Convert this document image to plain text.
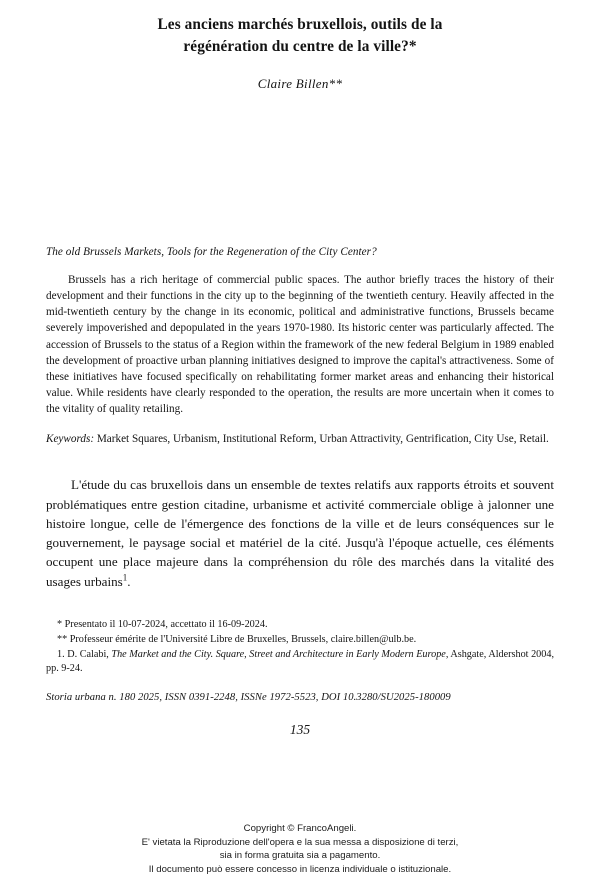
Les anciens marchés bruxellois, outils de la
régénération du centre de la ville?*
Claire Billen**
The old Brussels Markets, Tools for the Regeneration of the City Center?

Brussels has a rich heritage of commercial public spaces. The author briefly traces the history of their development and their functions in the city up to the beginning of the twentieth century. Heavily affected in the mid-twentieth century by the change in its economic, political and administrative functions, Brussels became severely impoverished and depopulated in the years 1970-1980. Its historic center was particularly affected. The accession of Brussels to the status of a Region within the framework of the new federal Belgium in 1989 enabled the development of proactive urban planning initiatives designed to improve the capital's attractiveness. Some of these initiatives have focused specifically on rehabilitating former market areas and enhancing their historical value. While residents have clearly responded to the operation, the results are more uncertain when it comes to the vitality of quality retailing.

Keywords: Market Squares, Urbanism, Institutional Reform, Urban Attractivity, Gentrification, City Use, Retail.

L'étude du cas bruxellois dans un ensemble de textes relatifs aux rapports étroits et souvent problématiques entre gestion citadine, urbanisme et activité commerciale oblige à jalonner une histoire longue, celle de l'émergence des fonctions de la ville et de leurs conséquences sur le gouvernement, le paysage social et matériel de la cité. Jusqu'à l'époque actuelle, ces éléments occupent une place majeure dans la compréhension du rôle des marchés dans la vitalité des usages urbains$^1$.

* Presentato il 10-07-2024, accettato il 16-09-2024.
** Professeur émérite de l'Université Libre de Bruxelles, Brussels, claire.billen@ulb.be.
1. D. Calabi, The Market and the City. Square, Street and Architecture in Early Modern Europe, Ashgate, Aldershot 2004, pp. 9-24.
Storia urbana n. 180 2025, ISSN 0391-2248, ISSNe 1972-5523, DOI 10.3280/SU2025-180009
135
Copyright © FrancoAngeli.
E' vietata la Riproduzione dell'opera e la sua messa a disposizione di terzi,
sia in forma gratuita sia a pagamento.
Il documento può essere concesso in licenza individuale o istituzionale.
